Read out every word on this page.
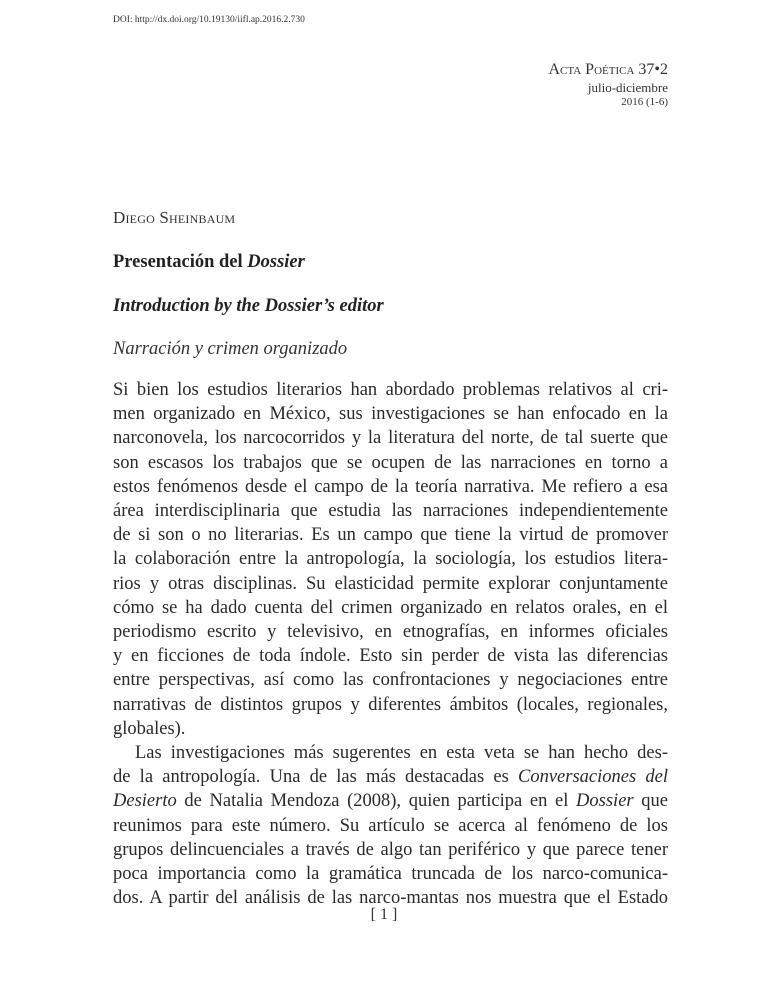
DOI: http://dx.doi.org/10.19130/iifl.ap.2016.2.730
Acta Poética 37•2
julio-diciembre
2016 (1-6)
Diego Sheinbaum
Presentación del Dossier
Introduction by the Dossier’s editor
Narración y crimen organizado

Si bien los estudios literarios han abordado problemas relativos al cri-
men organizado en México, sus investigaciones se han enfocado en la
narconovela, los narcocorridos y la literatura del norte, de tal suerte que
son escasos los trabajos que se ocupen de las narraciones en torno a
estos fenómenos desde el campo de la teoría narrativa. Me refiero a esa
área interdisciplinaria que estudia las narraciones independientemente
de si son o no literarias. Es un campo que tiene la virtud de promover
la colaboración entre la antropología, la sociología, los estudios litera-
rios y otras disciplinas. Su elasticidad permite explorar conjuntamente
cómo se ha dado cuenta del crimen organizado en relatos orales, en el
periodismo escrito y televisivo, en etnografías, en informes oficiales
y en ficciones de toda índole. Esto sin perder de vista las diferencias
entre perspectivas, así como las confrontaciones y negociaciones entre
narrativas de distintos grupos y diferentes ámbitos (locales, regionales,
globales).

Las investigaciones más sugerentes en esta veta se han hecho des-
de la antropología. Una de las más destacadas es Conversaciones del
Desierto de Natalia Mendoza (2008), quien participa en el Dossier que
reunimos para este número. Su artículo se acerca al fenómeno de los
grupos delincuenciales a través de algo tan periférico y que parece tener
poca importancia como la gramática truncada de los narco-comunica-
dos. A partir del análisis de las narco-mantas nos muestra que el Estado

[ 1 ]
